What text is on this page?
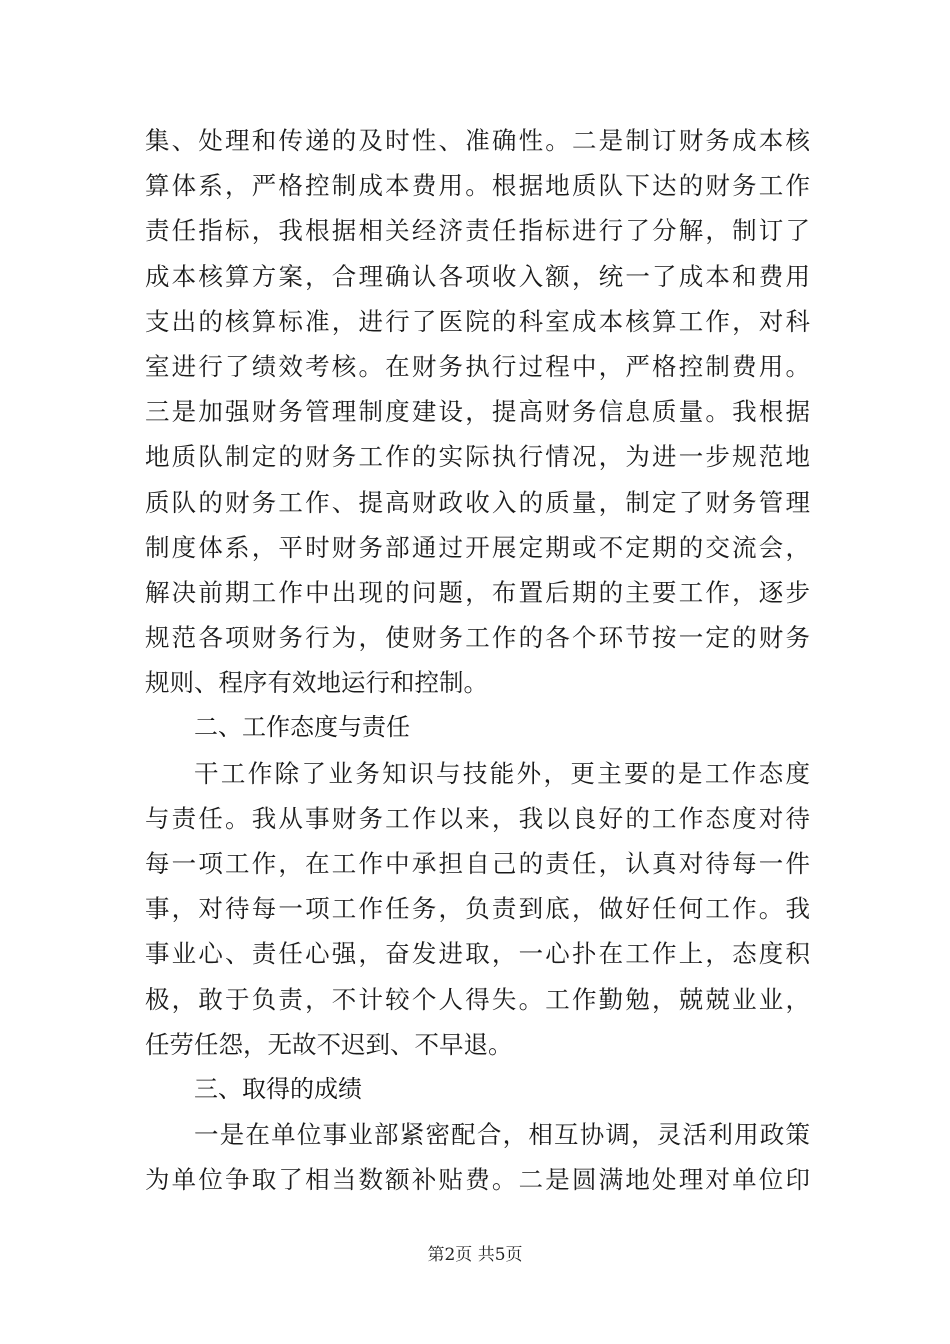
集、处理和传递的及时性、准确性。二是制订财务成本核
算体系，严格控制成本费用。根据地质队下达的财务工作
责任指标，我根据相关经济责任指标进行了分解，制订了
成本核算方案，合理确认各项收入额，统一了成本和费用
支出的核算标准，进行了医院的科室成本核算工作，对科
室进行了绩效考核。在财务执行过程中，严格控制费用。
三是加强财务管理制度建设，提高财务信息质量。我根据
地质队制定的财务工作的实际执行情况，为进一步规范地
质队的财务工作、提高财政收入的质量，制定了财务管理
制度体系，平时财务部通过开展定期或不定期的交流会，
解决前期工作中出现的问题，布置后期的主要工作，逐步
规范各项财务行为，使财务工作的各个环节按一定的财务
规则、程序有效地运行和控制。
二、工作态度与责任
干工作除了业务知识与技能外，更主要的是工作态度
与责任。我从事财务工作以来，我以良好的工作态度对待
每一项工作，在工作中承担自己的责任，认真对待每一件
事，对待每一项工作任务，负责到底，做好任何工作。我
事业心、责任心强，奋发进取，一心扑在工作上，态度积
极，敢于负责，不计较个人得失。工作勤勉，兢兢业业，
任劳任怨，无故不迟到、不早退。
三、取得的成绩
一是在单位事业部紧密配合，相互协调，灵活利用政策
为单位争取了相当数额补贴费。二是圆满地处理对单位印
第2页 共5页
